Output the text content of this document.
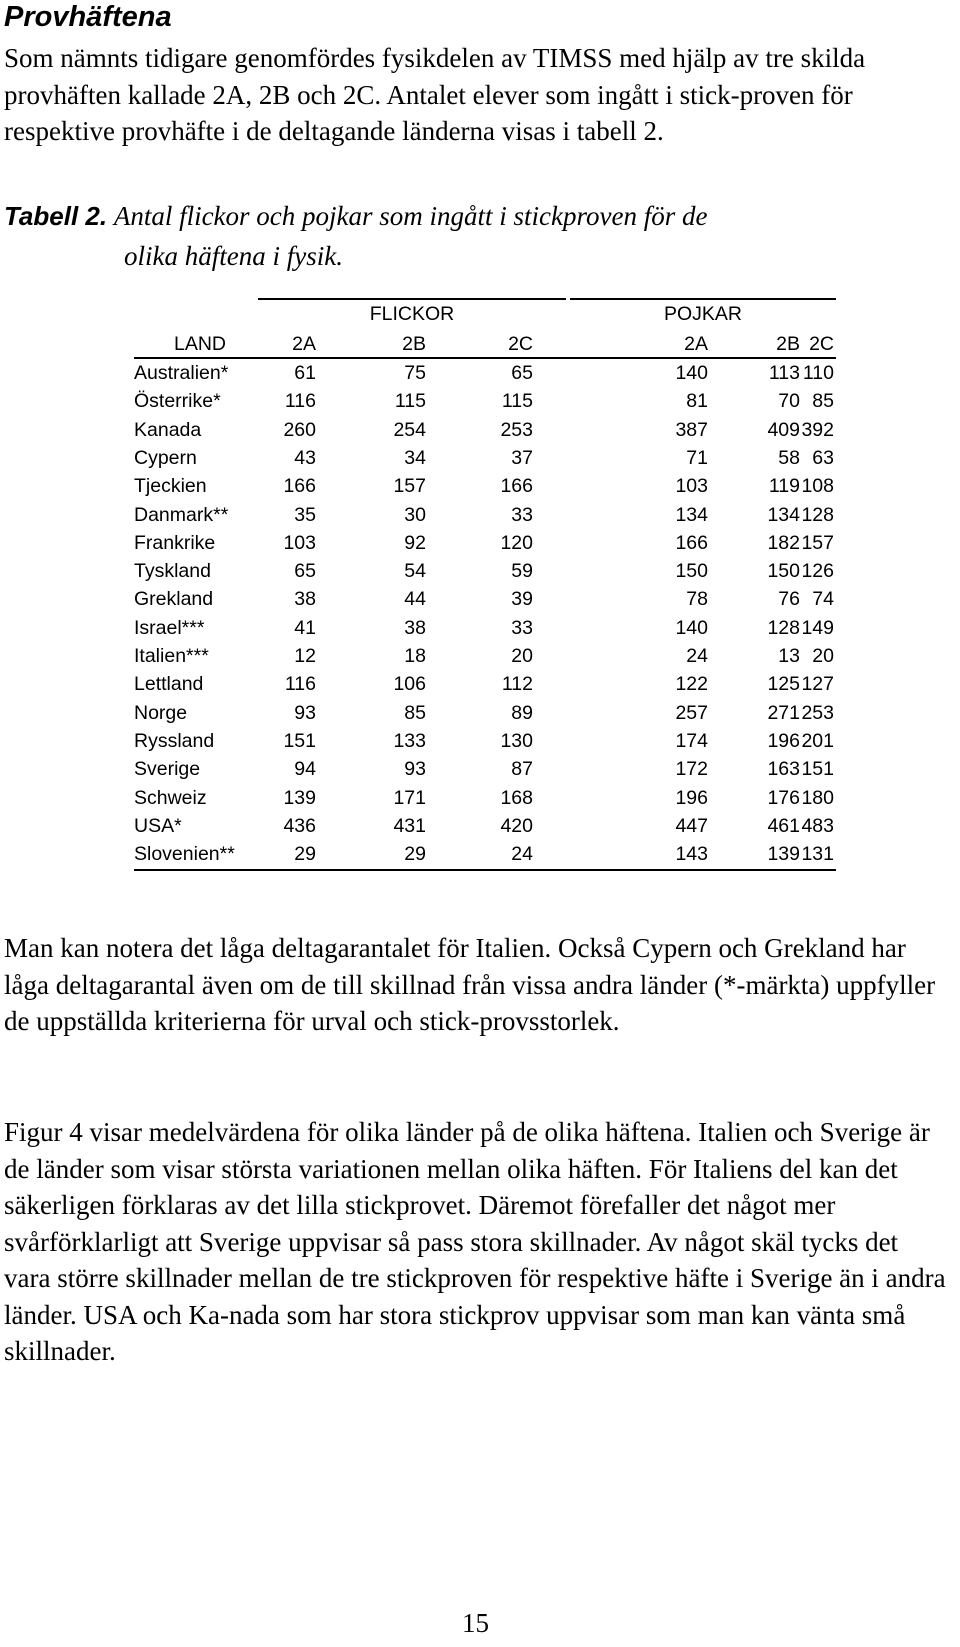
Provhäftena

Som nämnts tidigare genomfördes fysikdelen av TIMSS med hjälp av tre skilda provhäften kallade 2A, 2B och 2C. Antalet elever som ingått i stick-proven för respektive provhäfte i de deltagande länderna visas i tabell 2.

Tabell 2. Antal flickor och pojkar som ingått i stickproven för de
olika häftena i fysik.

FLICKOR	POJKAR
LAND	2A	2B	2C	2A	2B 2C
Australien*	61	75	65	140	113 110
Österrike*	116	115	115	81	70 85
Kanada	260	254	253	387	409 392
Cypern	43	34	37	71	58 63
Tjeckien	166	157	166	103	119 108
Danmark**	35	30	33	134	134 128
Frankrike	103	92	120	166	182 157
Tyskland	65	54	59	150	150 126
Grekland	38	44	39	78	76 74
Israel***	41	38	33	140	128 149
Italien***	12	18	20	24	13 20
Lettland	116	106	112	122	125 127
Norge	93	85	89	257	271 253
Ryssland	151	133	130	174	196 201
Sverige	94	93	87	172	163 151
Schweiz	139	171	168	196	176 180
USA*	436	431	420	447	461 483
Slovenien**	29	29	24	143	139 131

Man kan notera det låga deltagarantalet för Italien. Också Cypern och Grekland har låga deltagarantal även om de till skillnad från vissa andra länder (*-märkta) uppfyller de uppställda kriterierna för urval och stick-provsstorlek.

Figur 4 visar medelvärdena för olika länder på de olika häftena. Italien och Sverige är de länder som visar största variationen mellan olika häften. För Italiens del kan det säkerligen förklaras av det lilla stickprovet. Däremot förefaller det något mer svårförklarligt att Sverige uppvisar så pass stora skillnader. Av något skäl tycks det vara större skillnader mellan de tre stickproven för respektive häfte i Sverige än i andra länder. USA och Ka-nada som har stora stickprov uppvisar som man kan vänta små skillnader.

15
